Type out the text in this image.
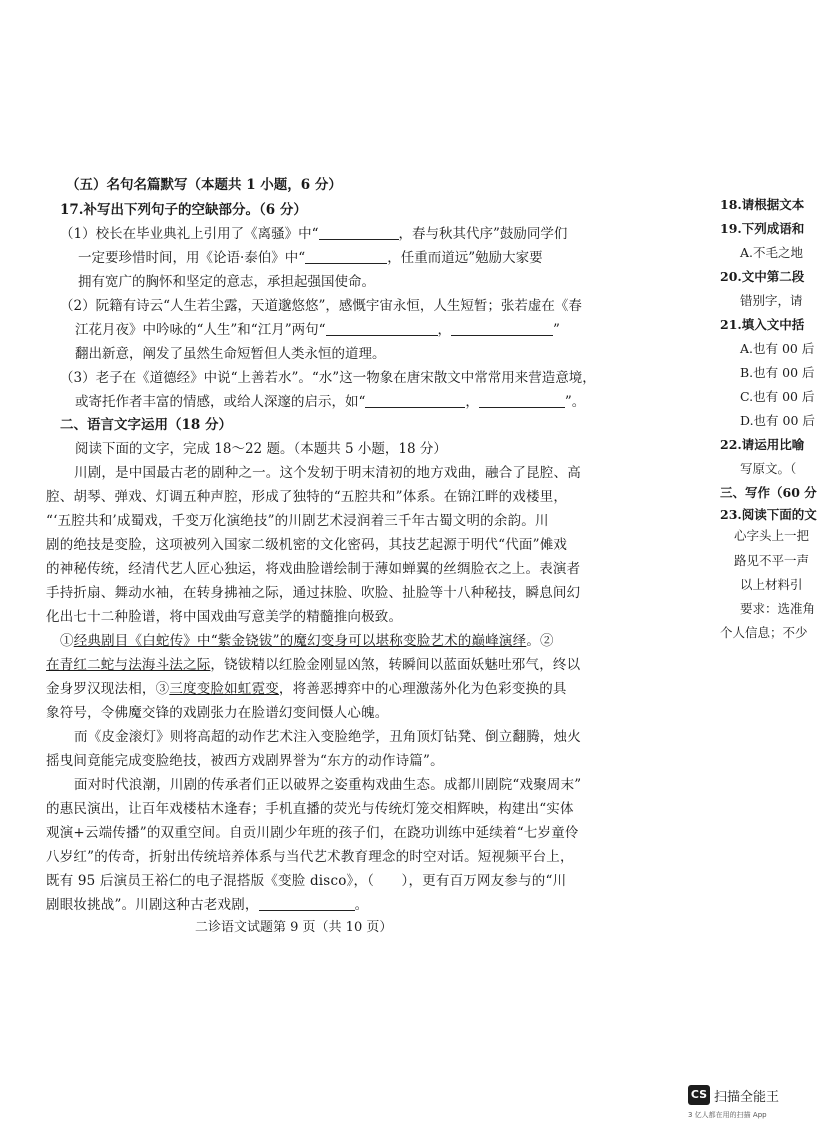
（五）名句名篇默写（本题共 1 小题，6 分）
17.补写出下列句子的空缺部分。（6 分）
（1）校长在毕业典礼上引用了《离骚》中“	，春与秋其代序”鼓励同学们
一定要珍惜时间，用《论语·泰伯》中“	，任重而道远”勉励大家要
拥有宽广的胸怀和坚定的意志，承担起强国使命。
（2）阮籍有诗云“人生若尘露，天道邈悠悠”，感慨宇宙永恒，人生短暂；张若虚在《春
江花月夜》中吟咏的“人生”和“江月”两句“	，	”
翻出新意，阐发了虽然生命短暂但人类永恒的道理。
（3）老子在《道德经》中说“上善若水”。“水”这一物象在唐宋散文中常常用来营造意境，
或寄托作者丰富的情感，或给人深邃的启示，如“	，	”。
二、语言文字运用（18 分）
阅读下面的文字，完成 18～22 题。（本题共 5 小题，18 分）
川剧，是中国最古老的剧种之一。这个发轫于明末清初的地方戏曲，融合了昆腔、高
腔、胡琴、弹戏、灯调五种声腔，形成了独特的“五腔共和”体系。在锦江畔的戏楼里，
“‘五腔共和’成蜀戏，千变万化演绝技”的川剧艺术浸润着三千年古蜀文明的余韵。川
剧的绝技是变脸，这项被列入国家二级机密的文化密码，其技艺起源于明代“代面”傩戏
的神秘传统，经清代艺人匠心独运，将戏曲脸谱绘制于薄如蝉翼的丝绸脸衣之上。表演者
手持折扇、舞动水袖，在转身拂袖之际，通过抹脸、吹脸、扯脸等十八种秘技，瞬息间幻
化出七十二种脸谱，将中国戏曲写意美学的精髓推向极致。
①经典剧目《白蛇传》中“紫金铙钹”的魔幻变身可以堪称变脸艺术的巅峰演绎。②
在青红二蛇与法海斗法之际，铙钹精以红脸金刚显凶煞，转瞬间以蓝面妖魅吐邪气，终以
金身罗汉现法相，③三度变脸如虹霓变，将善恶搏弈中的心理激荡外化为色彩变换的具
象符号，令佛魔交锋的戏剧张力在脸谱幻变间慑人心魄。
而《皮金滚灯》则将高超的动作艺术注入变脸绝学，丑角顶灯钻凳、倒立翻腾，烛火
摇曳间竟能完成变脸绝技，被西方戏剧界誉为“东方的动作诗篇”。
面对时代浪潮，川剧的传承者们正以破界之姿重构戏曲生态。成都川剧院“戏聚周末”
的惠民演出，让百年戏楼枯木逢春；手机直播的荧光与传统灯笼交相辉映，构建出“实体
观演+云端传播”的双重空间。自贡川剧少年班的孩子们，在跷功训练中延续着“七岁童伶
八岁红”的传奇，折射出传统培养体系与当代艺术教育理念的时空对话。短视频平台上，
既有 95 后演员王裕仁的电子混搭版《变脸 disco》，（　　），更有百万网友参与的“川
剧眼妆挑战”。川剧这种古老戏剧，	。
二诊语文试题第 9 页（共 10 页）
18.请根据文本
19.下列成语和
A.不毛之地
20.文中第二段
错别字，请
21.填入文中括
A.也有 00 后
B.也有 00 后
C.也有 00 后
D.也有 00 后
22.请运用比喻
写原文。（
三、写作（60 分
23.阅读下面的文
心字头上一把
路见不平一声
以上材料引
要求：选准角
个人信息；不少
CS 扫描全能王
3 亿人都在用的扫描 App
